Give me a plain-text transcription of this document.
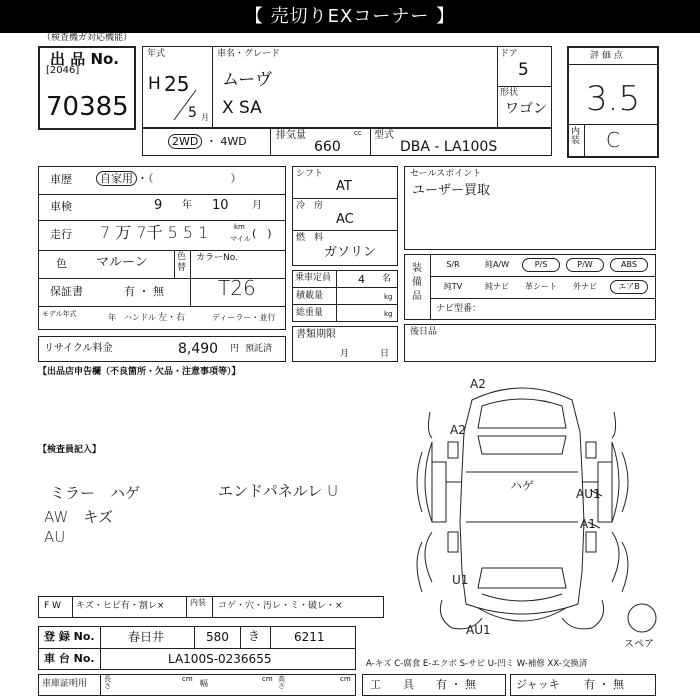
【 売切りEXコーナー 】
（検査機ガ対応機能）
出 品 No.
[2046]
70385
年式
H 25
5 月
車名・グレード
ムーヴ
X SA
ドア
5
形状
ワゴン
評 価 点
3.5
内装 C
2WD ・ 4WD	排気量	cc
660
型式
DBA - LA100S
車歴	自家用 ・（　　　　　　　）
車検	9 年 10 月
走行 7 万 7千 5 5 1	km
マイル (　)
色 マルーン	色替
カラーNo.
T26
保証書	有 ・ 無
モデル年式	年 ハンドル 左・右	ディーラー・並行
リサイクル料金	8,490 円 預託済
シフト
AT
冷　房
AC
燃　料
ガソリン
乗車定員 4 名
積載量	kg
総重量	kg
書類期限
月	日
セールスポイント
ユーザー買取
装備品
S/R	純A/W	P/S	P/W	ABS
純TV	純ナビ	革シート	外ナビ	エアB
ナビ型番：
後日品
【出品店申告欄（不良箇所・欠品・注意事項等）】
【検査員記入】
ミラー　ハゲ	エンドパネルレ U
AW　キズ
AU
A2
A2
ハゲ
AU1
A1
U1
AU1
スペア
F W キズ・ヒビ有・割レ×	内装	コゲ・穴・汚レ・ミ・破レ・×
登 録 No.	春日井	580 き	6211
車 台 No.	LA100S-0236655	A-キズ C-腐食 E-エクボ S-サビ U-凹ミ W-補修 XX-交換済
車庫証明用 長さ
cm 幅	cm 高さ
cm 工　　具 有 ・ 無	ジャッキ 有 ・ 無
